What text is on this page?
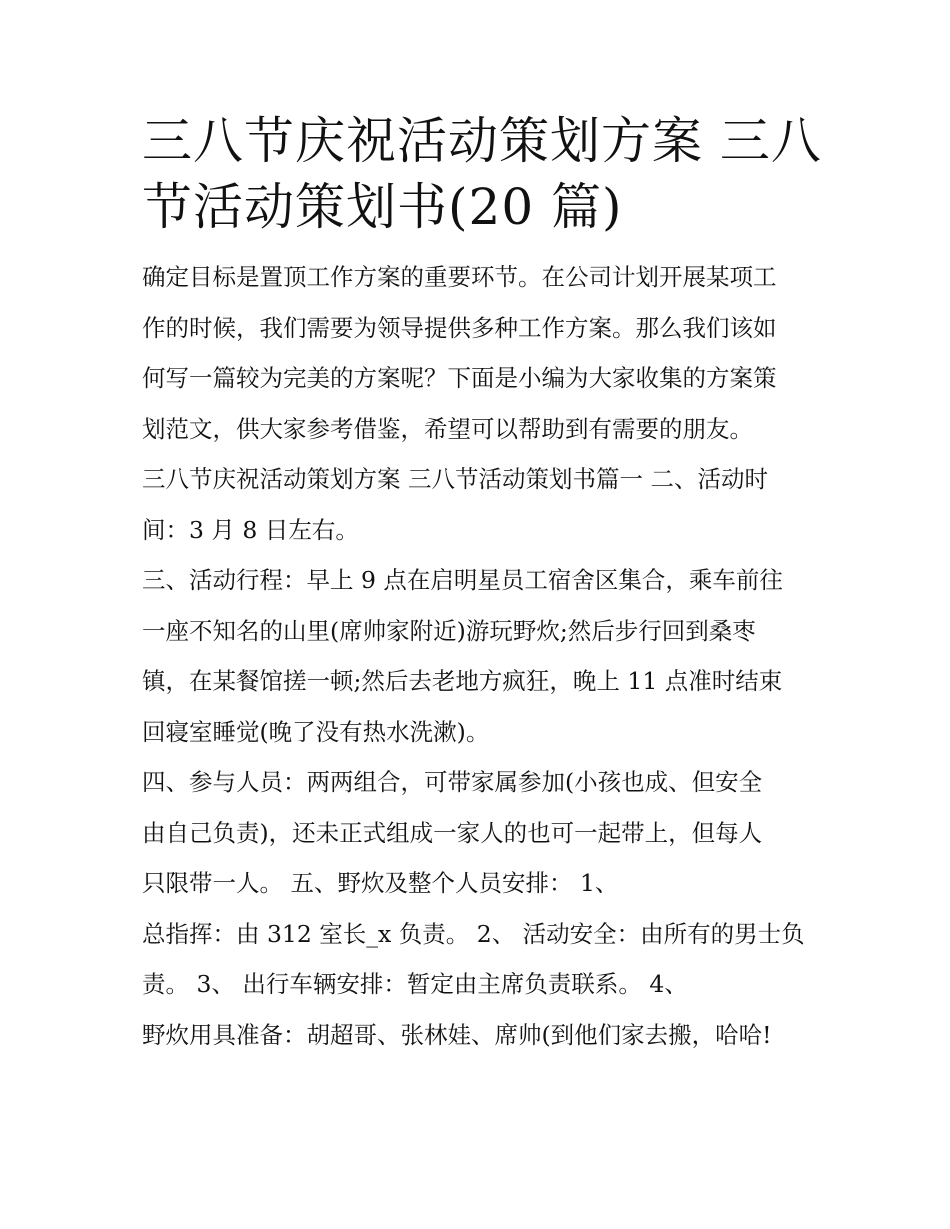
三八节庆祝活动策划方案 三八
节活动策划书(20 篇)

确定目标是置顶工作方案的重要环节。在公司计划开展某项工

作的时候，我们需要为领导提供多种工作方案。那么我们该如

何写一篇较为完美的方案呢？下面是小编为大家收集的方案策

划范文，供大家参考借鉴，希望可以帮助到有需要的朋友。

三八节庆祝活动策划方案 三八节活动策划书篇一 二、活动时

间：3 月 8 日左右。

三、活动行程：早上 9 点在启明星员工宿舍区集合，乘车前往

一座不知名的山里(席帅家附近)游玩野炊;然后步行回到桑枣

镇，在某餐馆搓一顿;然后去老地方疯狂，晚上 11 点准时结束

回寝室睡觉(晚了没有热水洗漱)。

四、参与人员：两两组合，可带家属参加(小孩也成、但安全

由自己负责)，还未正式组成一家人的也可一起带上，但每人

只限带一人。 五、野炊及整个人员安排： 1、

总指挥：由 312 室长_x 负责。 2、 活动安全：由所有的男士负

责。 3、 出行车辆安排：暂定由主席负责联系。 4、

野炊用具准备：胡超哥、张林娃、席帅(到他们家去搬，哈哈!
